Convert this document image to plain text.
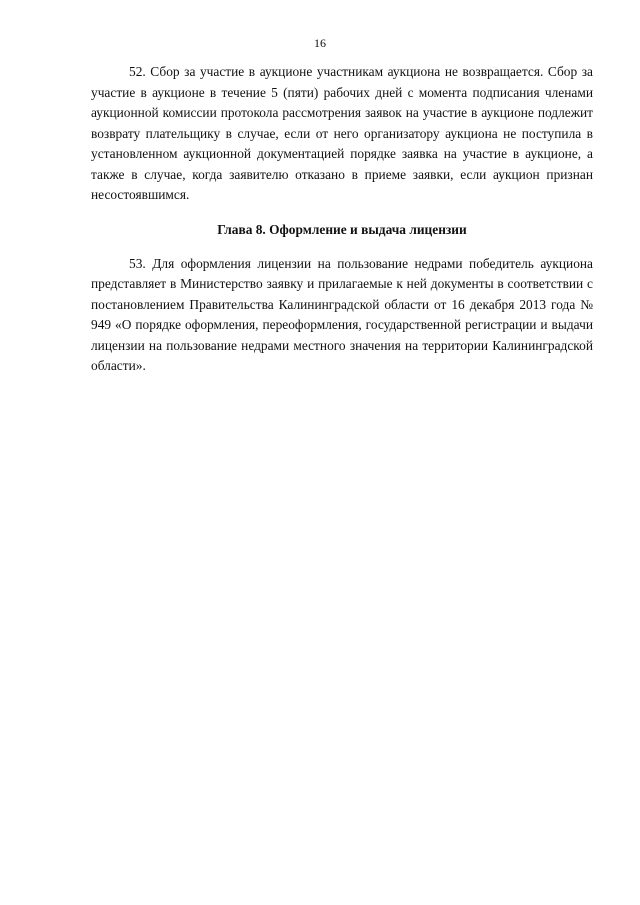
16

52. Сбор за участие в аукционе участникам аукциона не возвращается. Сбор за участие в аукционе в течение 5 (пяти) рабочих дней с момента подписания членами аукционной комиссии протокола рассмотрения заявок на участие в аукционе подлежит возврату плательщику в случае, если от него организатору аукциона не поступила в установленном аукционной документацией порядке заявка на участие в аукционе, а также в случае, когда заявителю отказано в приеме заявки, если аукцион признан несостоявшимся.

Глава 8. Оформление и выдача лицензии

53. Для оформления лицензии на пользование недрами победитель аукциона представляет в Министерство заявку и прилагаемые к ней документы в соответствии с постановлением Правительства Калининградской области от 16 декабря 2013 года № 949 «О порядке оформления, переоформления, государственной регистрации и выдачи лицензии на пользование недрами местного значения на территории Калининградской области».
